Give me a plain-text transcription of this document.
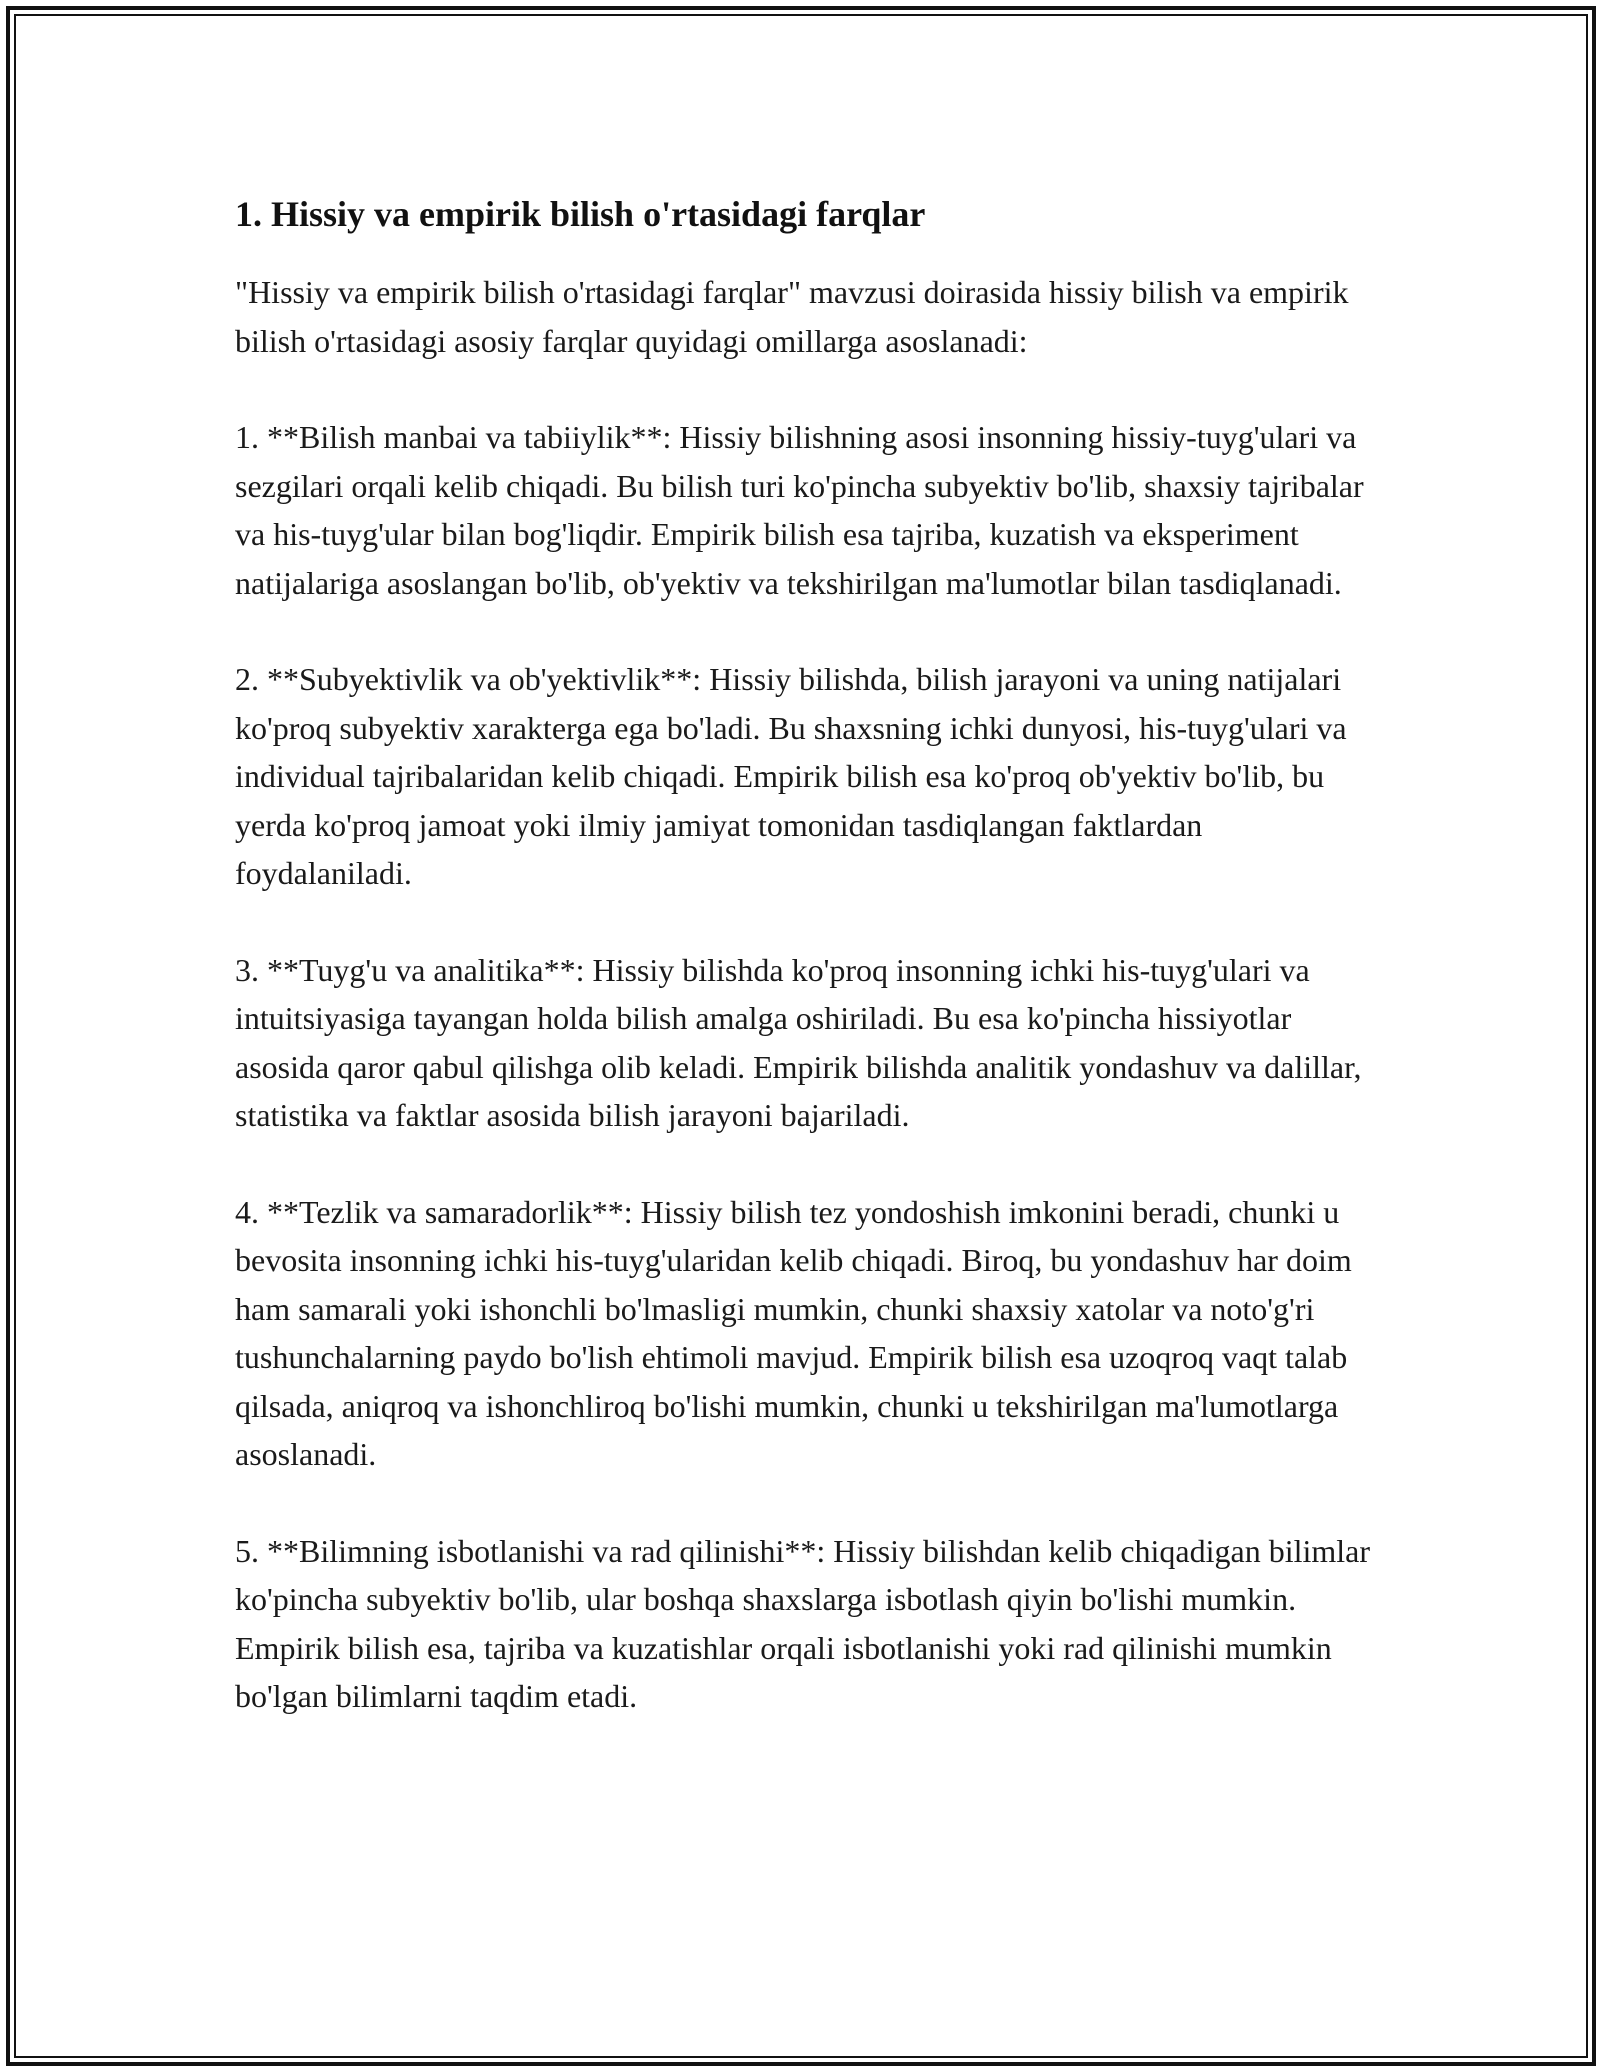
1. Hissiy va empirik bilish o'rtasidagi farqlar

"Hissiy va empirik bilish o'rtasidagi farqlar" mavzusi doirasida hissiy bilish va empirik bilish o'rtasidagi asosiy farqlar quyidagi omillarga asoslanadi:

1. **Bilish manbai va tabiiylik**: Hissiy bilishning asosi insonning hissiy-tuyg'ulari va sezgilari orqali kelib chiqadi. Bu bilish turi ko'pincha subyektiv bo'lib, shaxsiy tajribalar va his-tuyg'ular bilan bog'liqdir. Empirik bilish esa tajriba, kuzatish va eksperiment natijalariga asoslangan bo'lib, ob'yektiv va tekshirilgan ma'lumotlar bilan tasdiqlanadi.

2. **Subyektivlik va ob'yektivlik**: Hissiy bilishda, bilish jarayoni va uning natijalari ko'proq subyektiv xarakterga ega bo'ladi. Bu shaxsning ichki dunyosi, his-tuyg'ulari va individual tajribalaridan kelib chiqadi. Empirik bilish esa ko'proq ob'yektiv bo'lib, bu yerda ko'proq jamoat yoki ilmiy jamiyat tomonidan tasdiqlangan faktlardan foydalaniladi.

3. **Tuyg'u va analitika**: Hissiy bilishda ko'proq insonning ichki his-tuyg'ulari va intuitsiyasiga tayangan holda bilish amalga oshiriladi. Bu esa ko'pincha hissiyotlar asosida qaror qabul qilishga olib keladi. Empirik bilishda analitik yondashuv va dalillar, statistika va faktlar asosida bilish jarayoni bajariladi.

4. **Tezlik va samaradorlik**: Hissiy bilish tez yondoshish imkonini beradi, chunki u bevosita insonning ichki his-tuyg'ularidan kelib chiqadi. Biroq, bu yondashuv har doim ham samarali yoki ishonchli bo'lmasligi mumkin, chunki shaxsiy xatolar va noto'g'ri tushunchalarning paydo bo'lish ehtimoli mavjud. Empirik bilish esa uzoqroq vaqt talab qilsada, aniqroq va ishonchliroq bo'lishi mumkin, chunki u tekshirilgan ma'lumotlarga asoslanadi.

5. **Bilimning isbotlanishi va rad qilinishi**: Hissiy bilishdan kelib chiqadigan bilimlar ko'pincha subyektiv bo'lib, ular boshqa shaxslarga isbotlash qiyin bo'lishi mumkin. Empirik bilish esa, tajriba va kuzatishlar orqali isbotlanishi yoki rad qilinishi mumkin bo'lgan bilimlarni taqdim etadi.
